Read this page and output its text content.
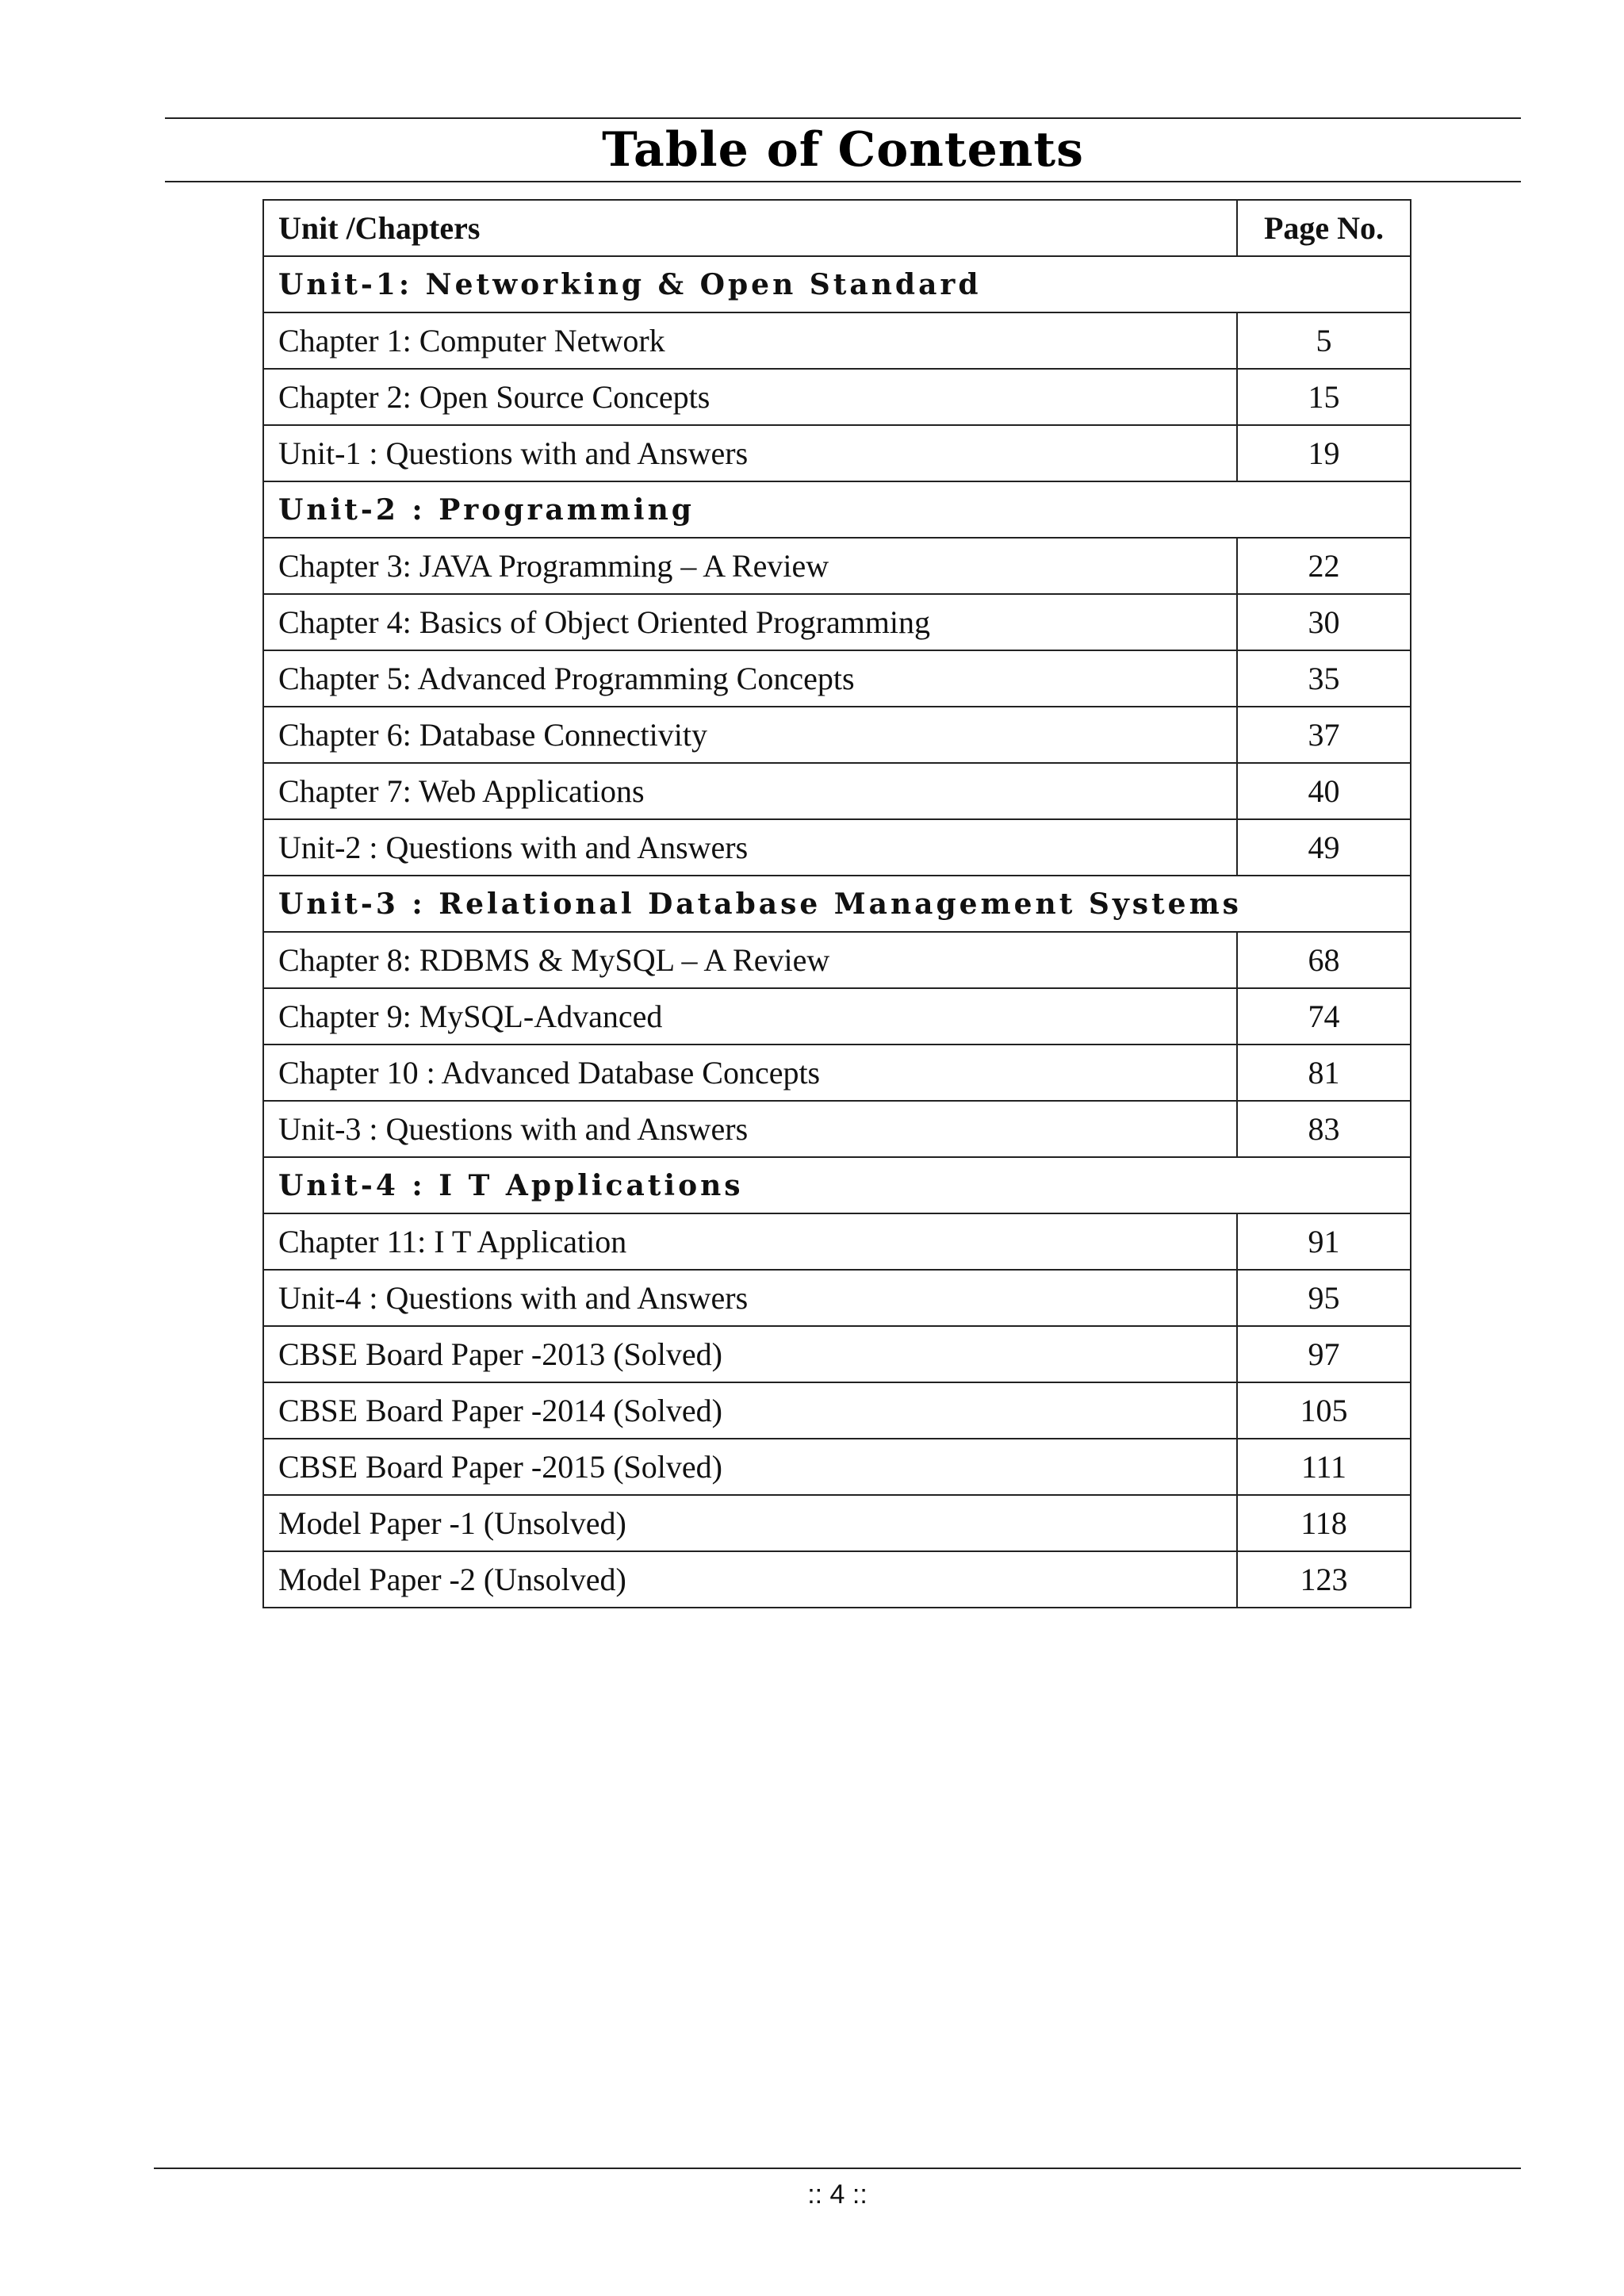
Table of Contents
Unit /Chapters	Page No.
Unit-1: Networking & Open Standard	
Chapter 1: Computer Network	5
Chapter 2: Open Source Concepts	15
Unit-1 : Questions with and Answers	19
Unit-2 : Programming	
Chapter 3: JAVA Programming – A Review	22
Chapter 4: Basics of Object Oriented Programming	30
Chapter 5: Advanced Programming Concepts	35
Chapter 6: Database Connectivity	37
Chapter 7: Web Applications	40
Unit-2 : Questions with and Answers	49
Unit-3 : Relational Database Management Systems	
Chapter 8: RDBMS & MySQL – A Review	68
Chapter 9: MySQL-Advanced	74
Chapter 10 : Advanced Database Concepts	81
Unit-3 : Questions with and Answers	83
Unit-4 : I T Applications	
Chapter 11: I T Application	91
Unit-4 : Questions with and Answers	95
CBSE Board Paper -2013 (Solved)	97
CBSE Board Paper -2014 (Solved)	105
CBSE Board Paper -2015 (Solved)	111
Model Paper -1 (Unsolved)	118
Model Paper -2 (Unsolved)	123
:: 4 ::
